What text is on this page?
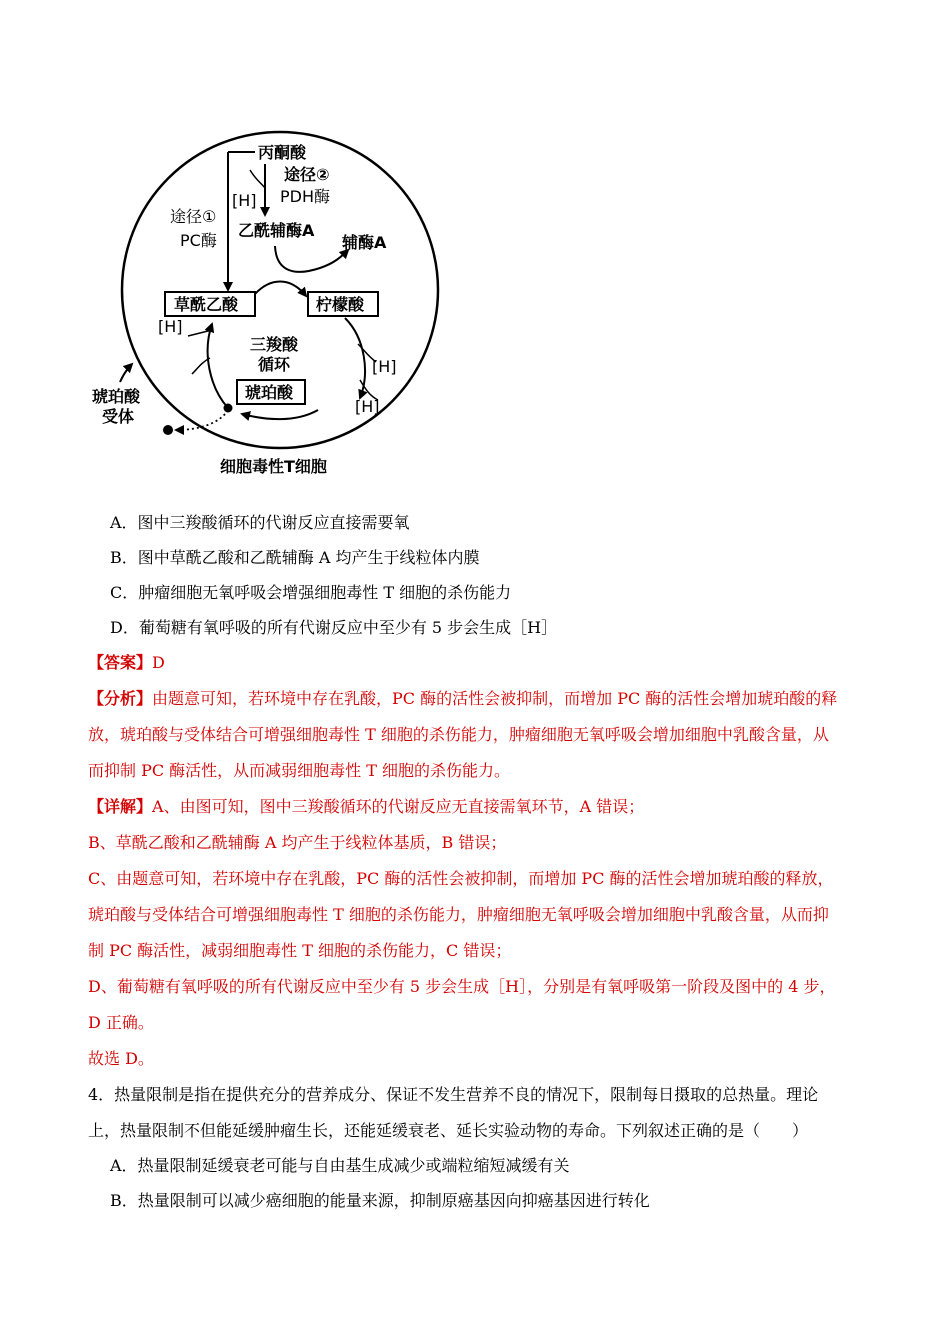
丙酮酸
途径①
PC酶
途径②
PDH酶
[H]
乙酰辅酶A
辅酶A
草酰乙酸	柠檬酸
三羧酸
循环	[H]
[H]
琥珀酸
[H]
琥珀酸
受体
细胞毒性T细胞
A．图中三羧酸循环的代谢反应直接需要氧
B．图中草酰乙酸和乙酰辅酶 A 均产生于线粒体内膜
C．肿瘤细胞无氧呼吸会增强细胞毒性 T 细胞的杀伤能力
D．葡萄糖有氧呼吸的所有代谢反应中至少有 5 步会生成［H］
【答案】D
【分析】由题意可知，若环境中存在乳酸，PC 酶的活性会被抑制，而增加 PC 酶的活性会增加琥珀酸的释
放，琥珀酸与受体结合可增强细胞毒性 T 细胞的杀伤能力，肿瘤细胞无氧呼吸会增加细胞中乳酸含量，从
而抑制 PC 酶活性，从而减弱细胞毒性 T 细胞的杀伤能力。
【详解】A、由图可知，图中三羧酸循环的代谢反应无直接需氧环节，A 错误；
B、草酰乙酸和乙酰辅酶 A 均产生于线粒体基质，B 错误；
C、由题意可知，若环境中存在乳酸，PC 酶的活性会被抑制，而增加 PC 酶的活性会增加琥珀酸的释放，
琥珀酸与受体结合可增强细胞毒性 T 细胞的杀伤能力，肿瘤细胞无氧呼吸会增加细胞中乳酸含量，从而抑
制 PC 酶活性，减弱细胞毒性 T 细胞的杀伤能力，C 错误；
D、葡萄糖有氧呼吸的所有代谢反应中至少有 5 步会生成［H］，分别是有氧呼吸第一阶段及图中的 4 步，
D 正确。
故选 D。
4．热量限制是指在提供充分的营养成分、保证不发生营养不良的情况下，限制每日摄取的总热量。理论
上，热量限制不但能延缓肿瘤生长，还能延缓衰老、延长实验动物的寿命。下列叙述正确的是（　　）
A．热量限制延缓衰老可能与自由基生成减少或端粒缩短减缓有关
B．热量限制可以减少癌细胞的能量来源，抑制原癌基因向抑癌基因进行转化
